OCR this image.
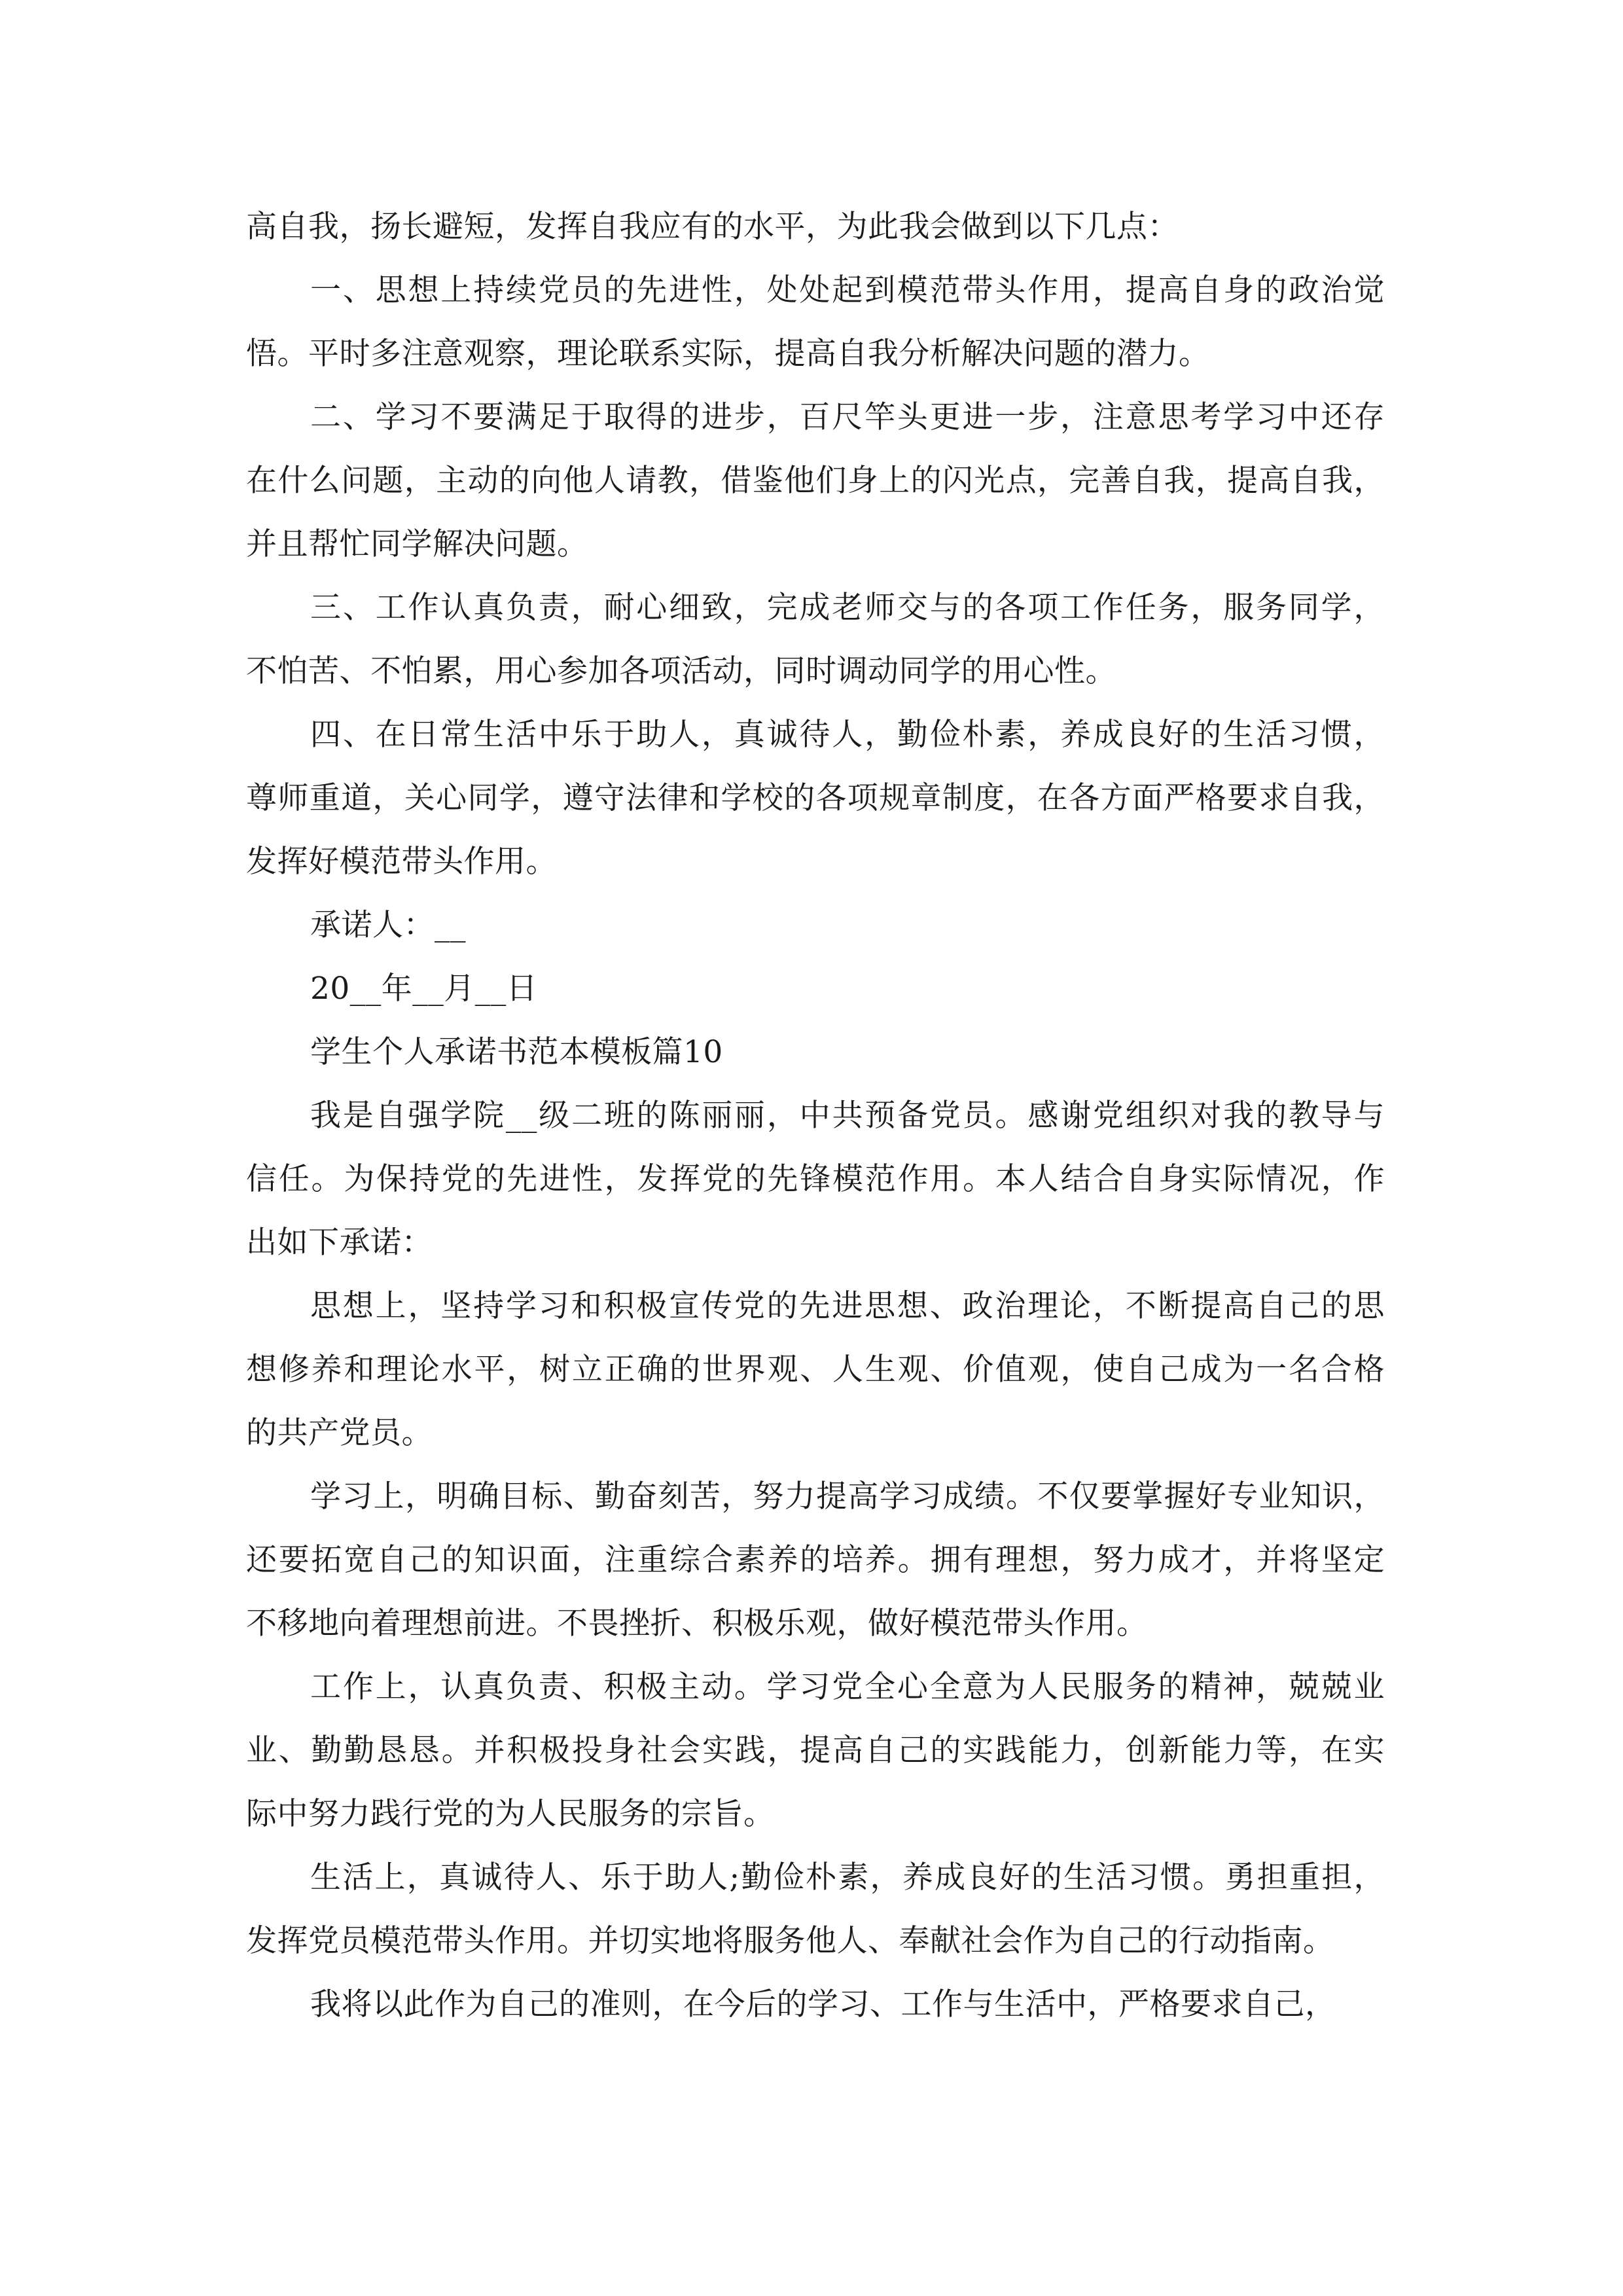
高自我，扬长避短，发挥自我应有的水平，为此我会做到以下几点：
一、思想上持续党员的先进性，处处起到模范带头作用，提高自身的政治觉
悟。平时多注意观察，理论联系实际，提高自我分析解决问题的潜力。
二、学习不要满足于取得的进步，百尺竿头更进一步，注意思考学习中还存
在什么问题，主动的向他人请教，借鉴他们身上的闪光点，完善自我，提高自我，
并且帮忙同学解决问题。
三、工作认真负责，耐心细致，完成老师交与的各项工作任务，服务同学，
不怕苦、不怕累，用心参加各项活动，同时调动同学的用心性。
四、在日常生活中乐于助人，真诚待人，勤俭朴素，养成良好的生活习惯，
尊师重道，关心同学，遵守法律和学校的各项规章制度，在各方面严格要求自我，
发挥好模范带头作用。
承诺人：__
20__年__月__日
学生个人承诺书范本模板篇10
我是自强学院__级二班的陈丽丽，中共预备党员。感谢党组织对我的教导与
信任。为保持党的先进性，发挥党的先锋模范作用。本人结合自身实际情况，作
出如下承诺：
思想上，坚持学习和积极宣传党的先进思想、政治理论，不断提高自己的思
想修养和理论水平，树立正确的世界观、人生观、价值观，使自己成为一名合格
的共产党员。
学习上，明确目标、勤奋刻苦，努力提高学习成绩。不仅要掌握好专业知识，
还要拓宽自己的知识面，注重综合素养的培养。拥有理想，努力成才，并将坚定
不移地向着理想前进。不畏挫折、积极乐观，做好模范带头作用。
工作上，认真负责、积极主动。学习党全心全意为人民服务的精神，兢兢业
业、勤勤恳恳。并积极投身社会实践，提高自己的实践能力，创新能力等，在实
际中努力践行党的为人民服务的宗旨。
生活上，真诚待人、乐于助人;勤俭朴素，养成良好的生活习惯。勇担重担，
发挥党员模范带头作用。并切实地将服务他人、奉献社会作为自己的行动指南。
我将以此作为自己的准则，在今后的学习、工作与生活中，严格要求自己，
